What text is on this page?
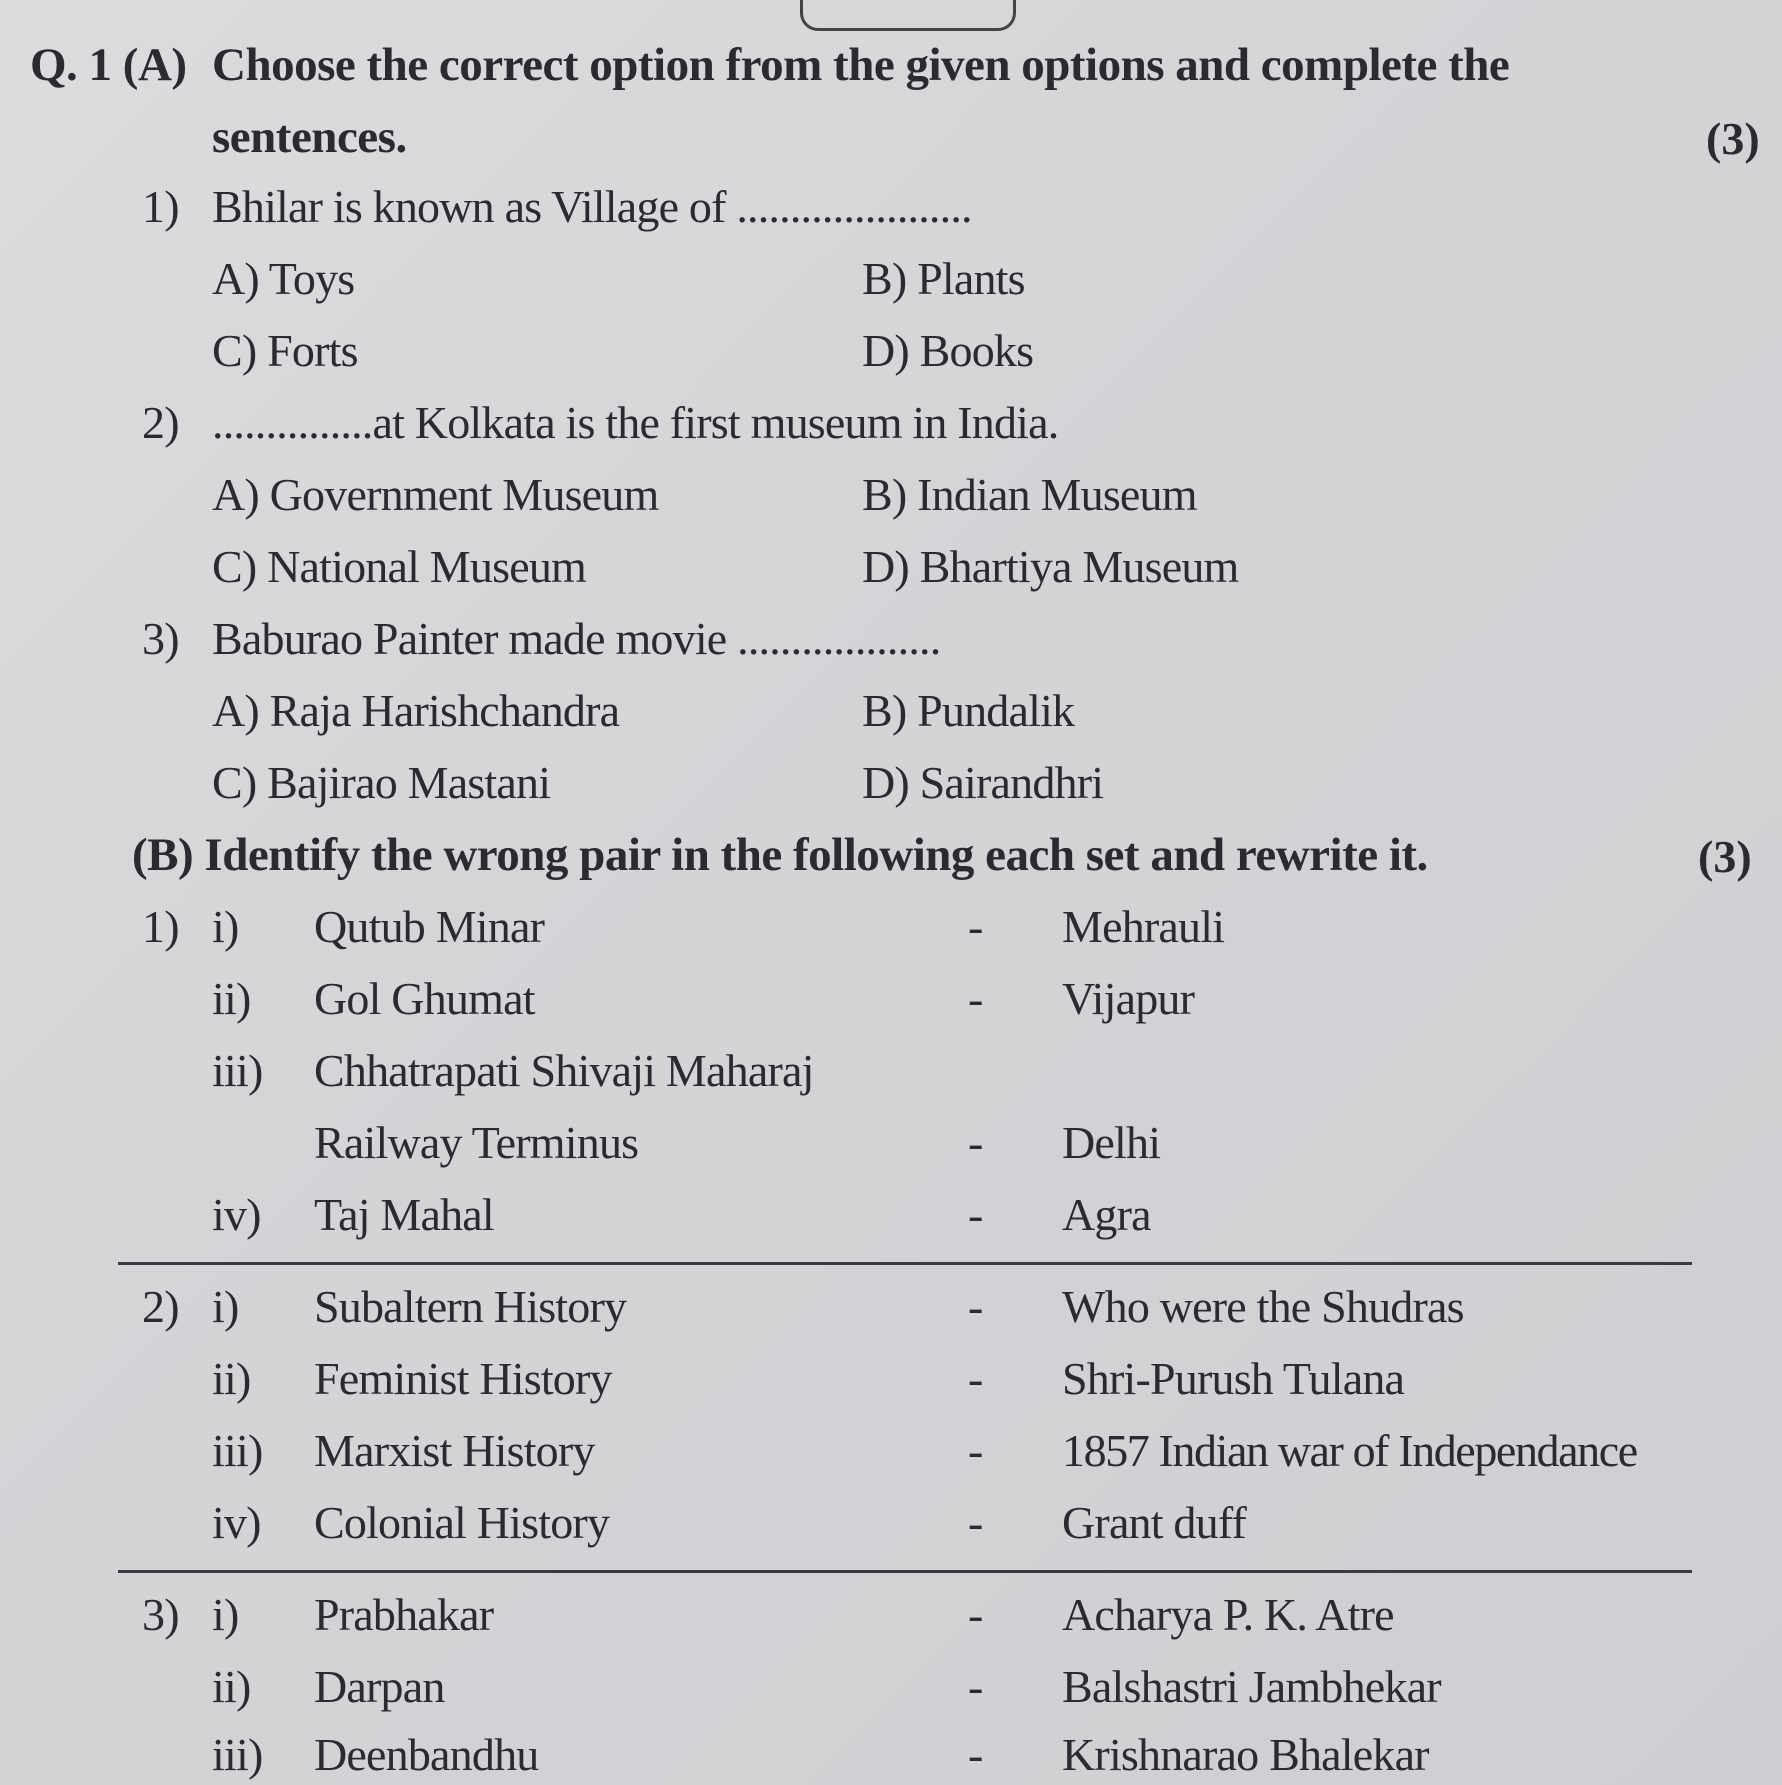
Q. 1 (A) Choose the correct option from the given options and complete the
sentences.	(3)
1) Bhilar is known as Village of ......................
A) Toys	B) Plants
C) Forts	D) Books
2) ...............at Kolkata is the first museum in India.
A) Government Museum	B) Indian Museum
C) National Museum	D) Bhartiya Museum
3) Baburao Painter made movie ...................
A) Raja Harishchandra	B) Pundalik
C) Bajirao Mastani	D) Sairandhri
(B) Identify the wrong pair in the following each set and rewrite it.	(3)
1) i) Qutub Minar	- Mehrauli
ii) Gol Ghumat	- Vijapur
iii) Chhatrapati Shivaji Maharaj
Railway Terminus	- Delhi
iv) Taj Mahal	- Agra
2) i) Subaltern History	- Who were the Shudras
ii) Feminist History	- Shri-Purush Tulana
iii) Marxist History	- 1857 Indian war of Independance
iv) Colonial History	- Grant duff
3) i) Prabhakar	- Acharya P. K. Atre
ii) Darpan	- Balshastri Jambhekar
iii) Deenbandhu	- Krishnarao Bhalekar
